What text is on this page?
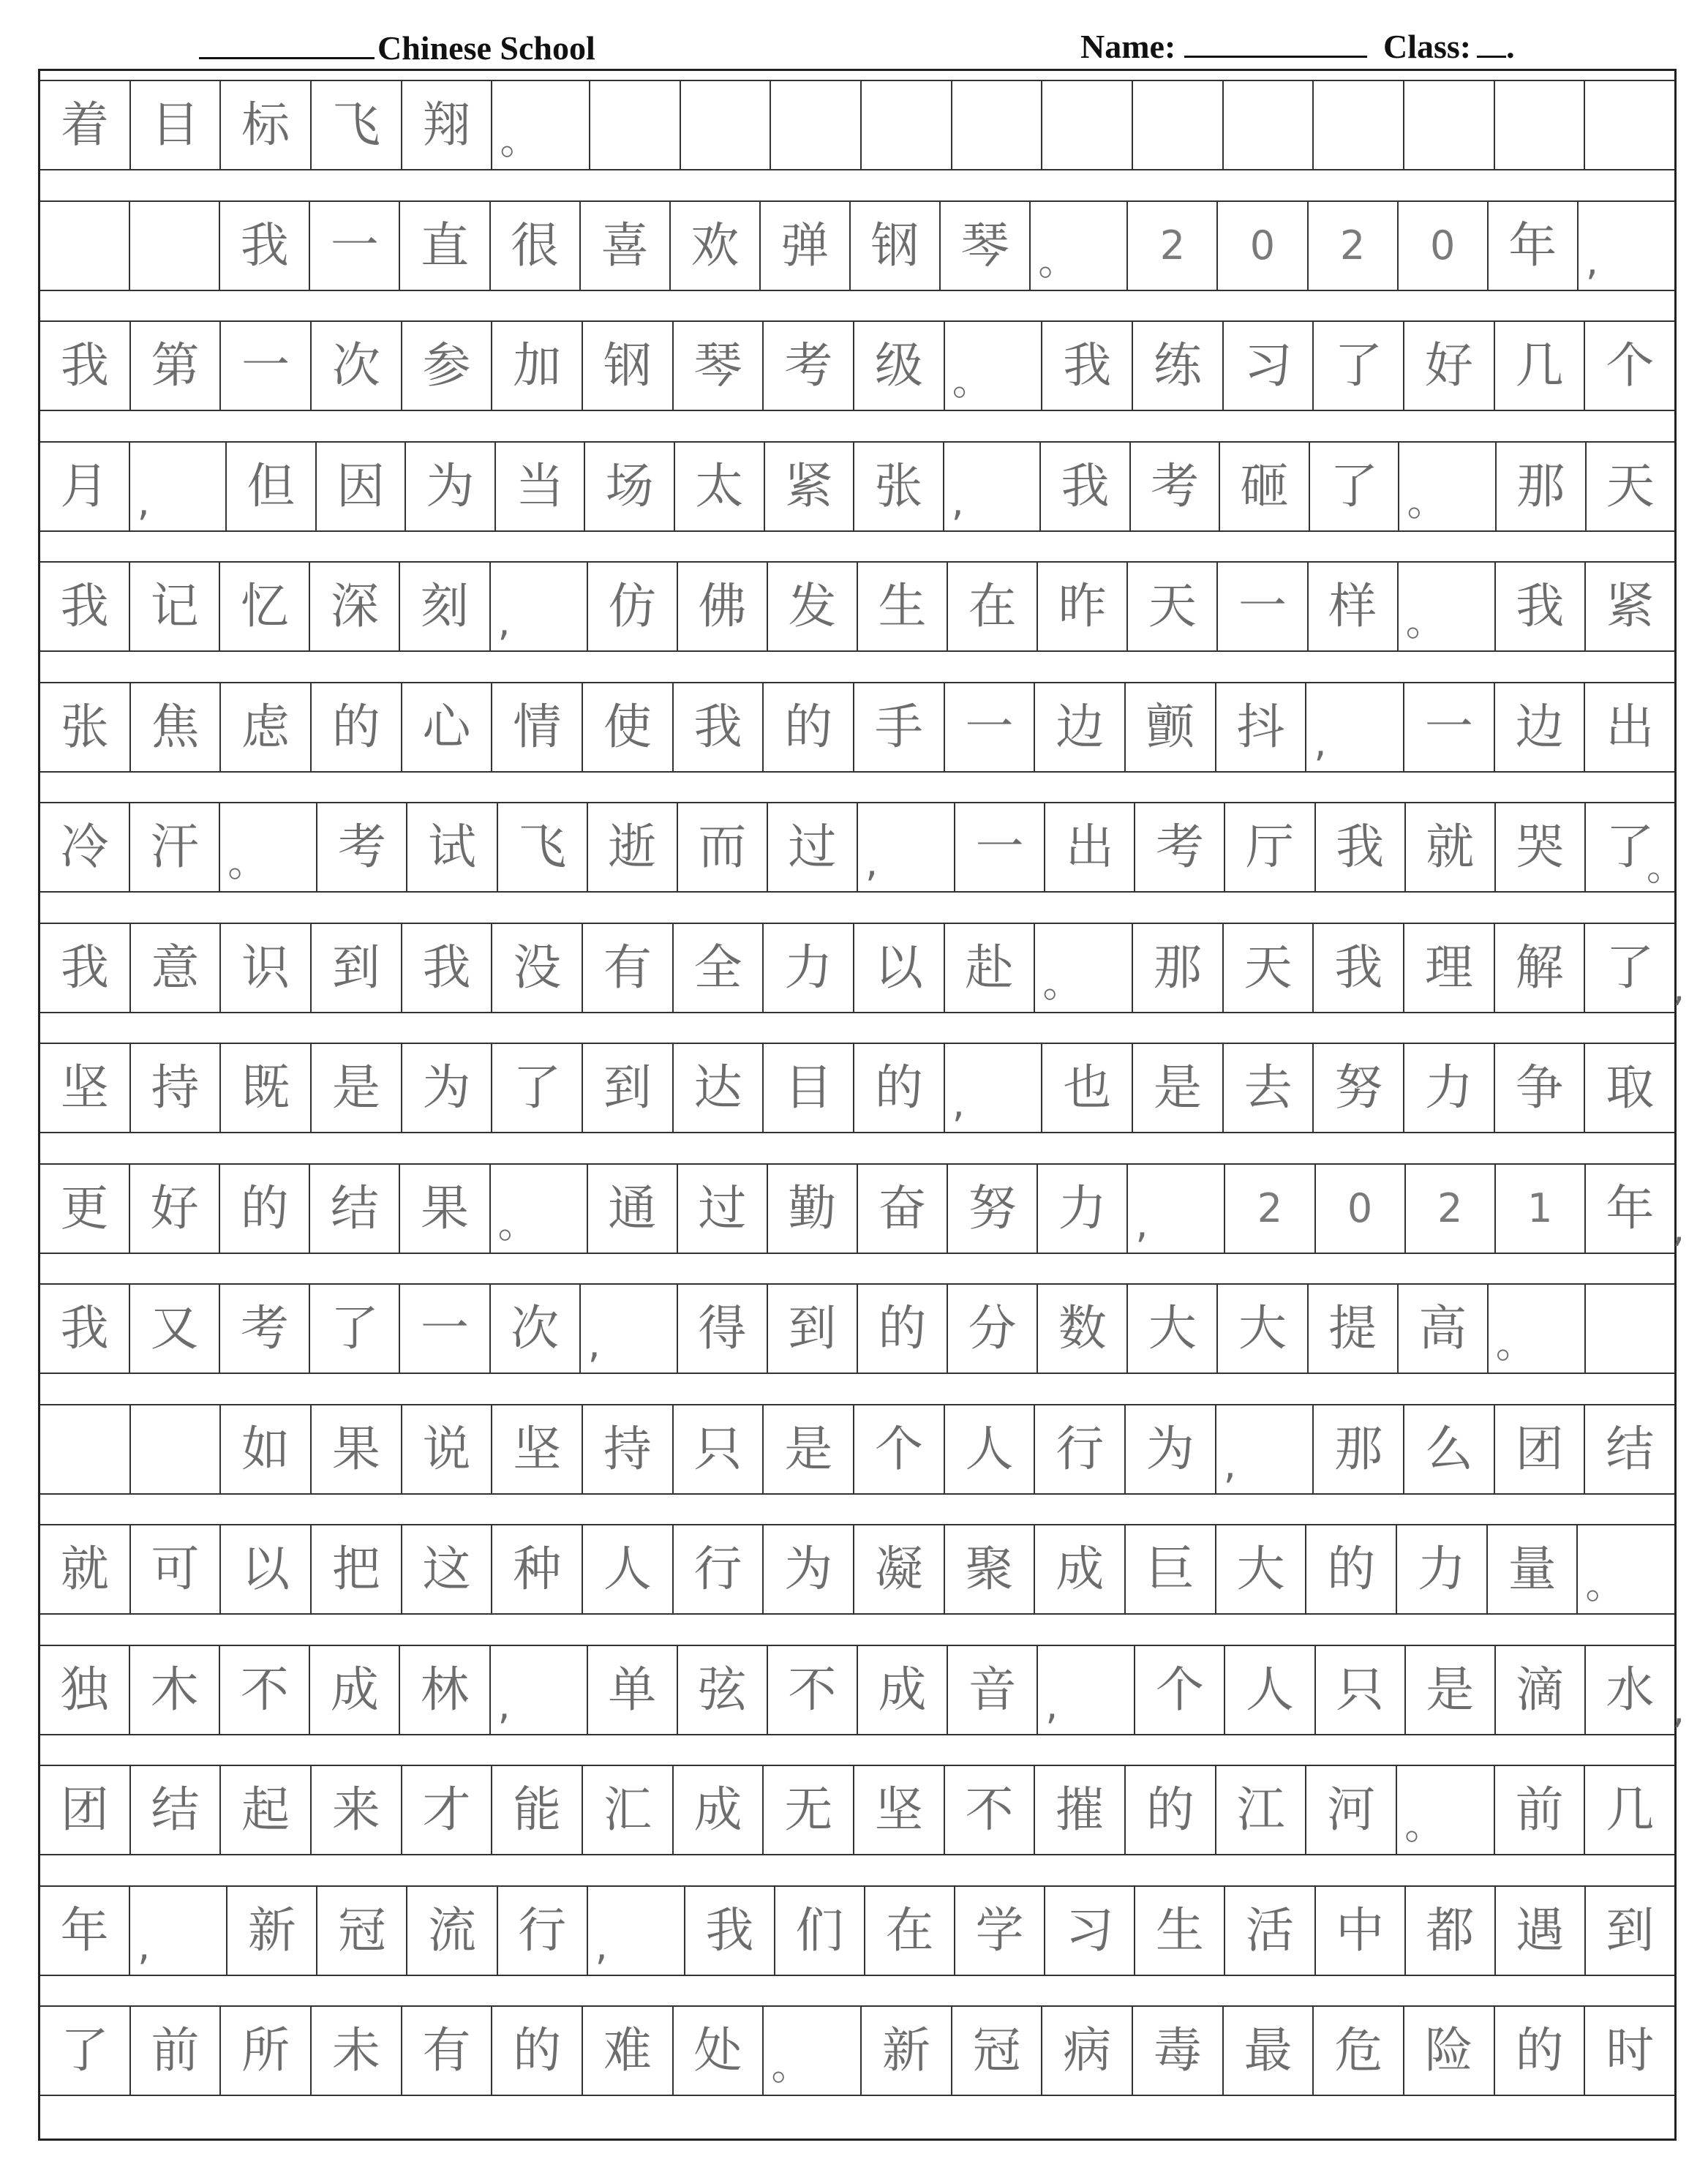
Chinese School	Name:	Class: .
着 目 标 飞 翔 。
我 一 直 很 喜 欢 弹 钢 琴 。	2	0	2	0	年 ,
我 第 一 次 参 加 钢 琴 考 级 。	我 练 习 了 好 几 个
月 ,	但 因 为 当 场 太 紧 张 ,	我 考 砸 了 。	那 天
我 记 忆 深 刻 ,	仿 佛 发 生 在 昨 天 一 样 。	我 紧
张 焦 虑 的 心 情 使 我 的 手 一 边 颤 抖 ,	一 边 出
冷 汗 。	考 试 飞 逝 而 过 ,	一 出 考 厅 我 就 哭 了
。
我 意 识 到 我 没 有 全 力 以 赴 。	那 天 我 理 解 了 ,
坚 持 既 是 为 了 到 达 目 的 ,	也 是 去 努 力 争 取
更 好 的 结 果 。	通 过 勤 奋 努 力 ,	2	0	2	1	年 ,
我 又 考 了 一 次 ,	得 到 的 分 数 大 大 提 高 。
如 果 说 坚 持 只 是 个 人 行 为 ,	那 么 团 结
就 可 以 把 这 种 人 行 为 凝 聚 成 巨 大 的 力 量 。
独 木 不 成 林 ,	单 弦 不 成 音 ,	个 人 只 是 滴 水 ,
团 结 起 来 才 能 汇 成 无 坚 不 摧 的 江 河 。	前 几
年 ,	新 冠 流 行 ,	我 们 在 学 习 生 活 中 都 遇 到
了 前 所 未 有 的 难 处 。	新 冠 病 毒 最 危 险 的 时
